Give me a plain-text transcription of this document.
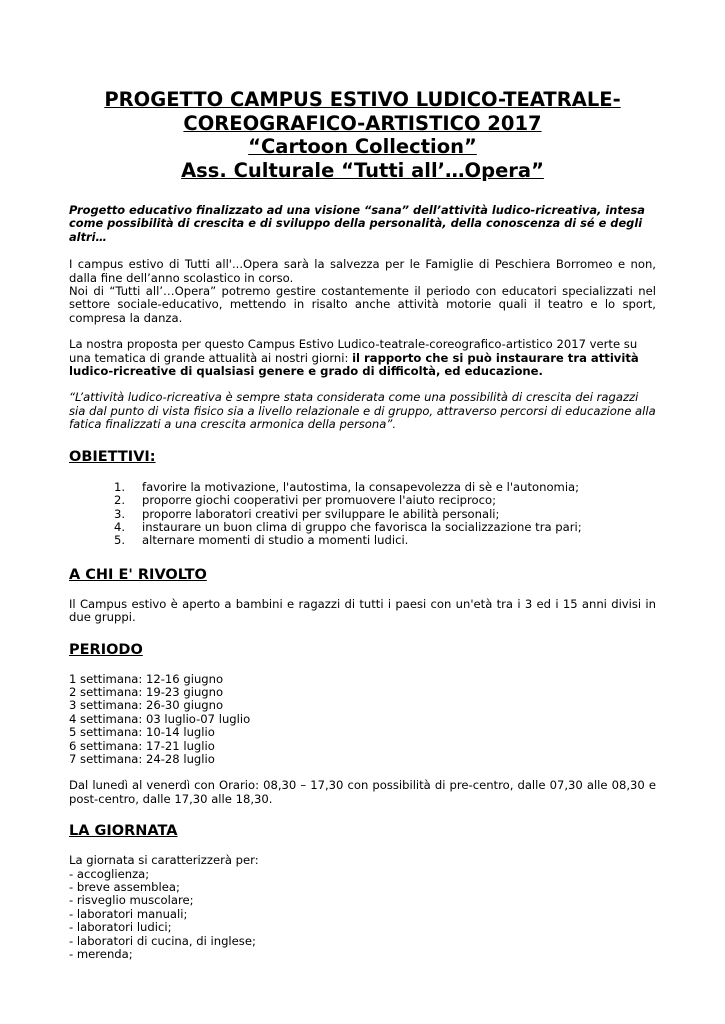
PROGETTO CAMPUS ESTIVO LUDICO-TEATRALE-
COREOGRAFICO-ARTISTICO 2017
“Cartoon Collection”
Ass. Culturale “Tutti all’…Opera”
Progetto educativo finalizzato ad una visione “sana” dell’attività ludico-ricreativa, intesa come possibilità di crescita e di sviluppo della personalità, della conoscenza di sé e degli altri…
I campus estivo di Tutti all'...Opera sarà la salvezza per le Famiglie di Peschiera Borromeo e non, dalla fine dell’anno scolastico in corso.
Noi di “Tutti all’…Opera” potremo gestire costantemente il periodo con educatori specializzati nel settore sociale-educativo, mettendo in risalto anche attività motorie quali il teatro e lo sport, compresa la danza.
La nostra proposta per questo Campus Estivo Ludico-teatrale-coreografico-artistico 2017 verte su una tematica di grande attualità ai nostri giorni: il rapporto che si può instaurare tra attività ludico-ricreative di qualsiasi genere e grado di difficoltà, ed educazione.
“L’attività ludico-ricreativa è sempre stata considerata come una possibilità di crescita dei ragazzi sia dal punto di vista fisico sia a livello relazionale e di gruppo, attraverso percorsi di educazione alla fatica finalizzati a una crescita armonica della persona”.
OBIETTIVI:
1. favorire la motivazione, l'autostima, la consapevolezza di sè e l'autonomia;
2. proporre giochi cooperativi per promuovere l'aiuto reciproco;
3. proporre laboratori creativi per sviluppare le abilità personali;
4. instaurare un buon clima di gruppo che favorisca la socializzazione tra pari;
5. alternare momenti di studio a momenti ludici.
A CHI E' RIVOLTO
Il Campus estivo è aperto a bambini e ragazzi di tutti i paesi con un'età tra i 3 ed i 15 anni divisi in due gruppi.
PERIODO
1 settimana: 12-16 giugno
2 settimana: 19-23 giugno
3 settimana: 26-30 giugno
4 settimana: 03 luglio-07 luglio
5 settimana: 10-14 luglio
6 settimana: 17-21 luglio
7 settimana: 24-28 luglio
Dal lunedì al venerdì con Orario: 08,30 – 17,30 con possibilità di pre-centro, dalle 07,30 alle 08,30 e post-centro, dalle 17,30 alle 18,30.
LA GIORNATA
La giornata si caratterizzerà per:
- accoglienza;
- breve assemblea;
- risveglio muscolare;
- laboratori manuali;
- laboratori ludici;
- laboratori di cucina, di inglese;
- merenda;
